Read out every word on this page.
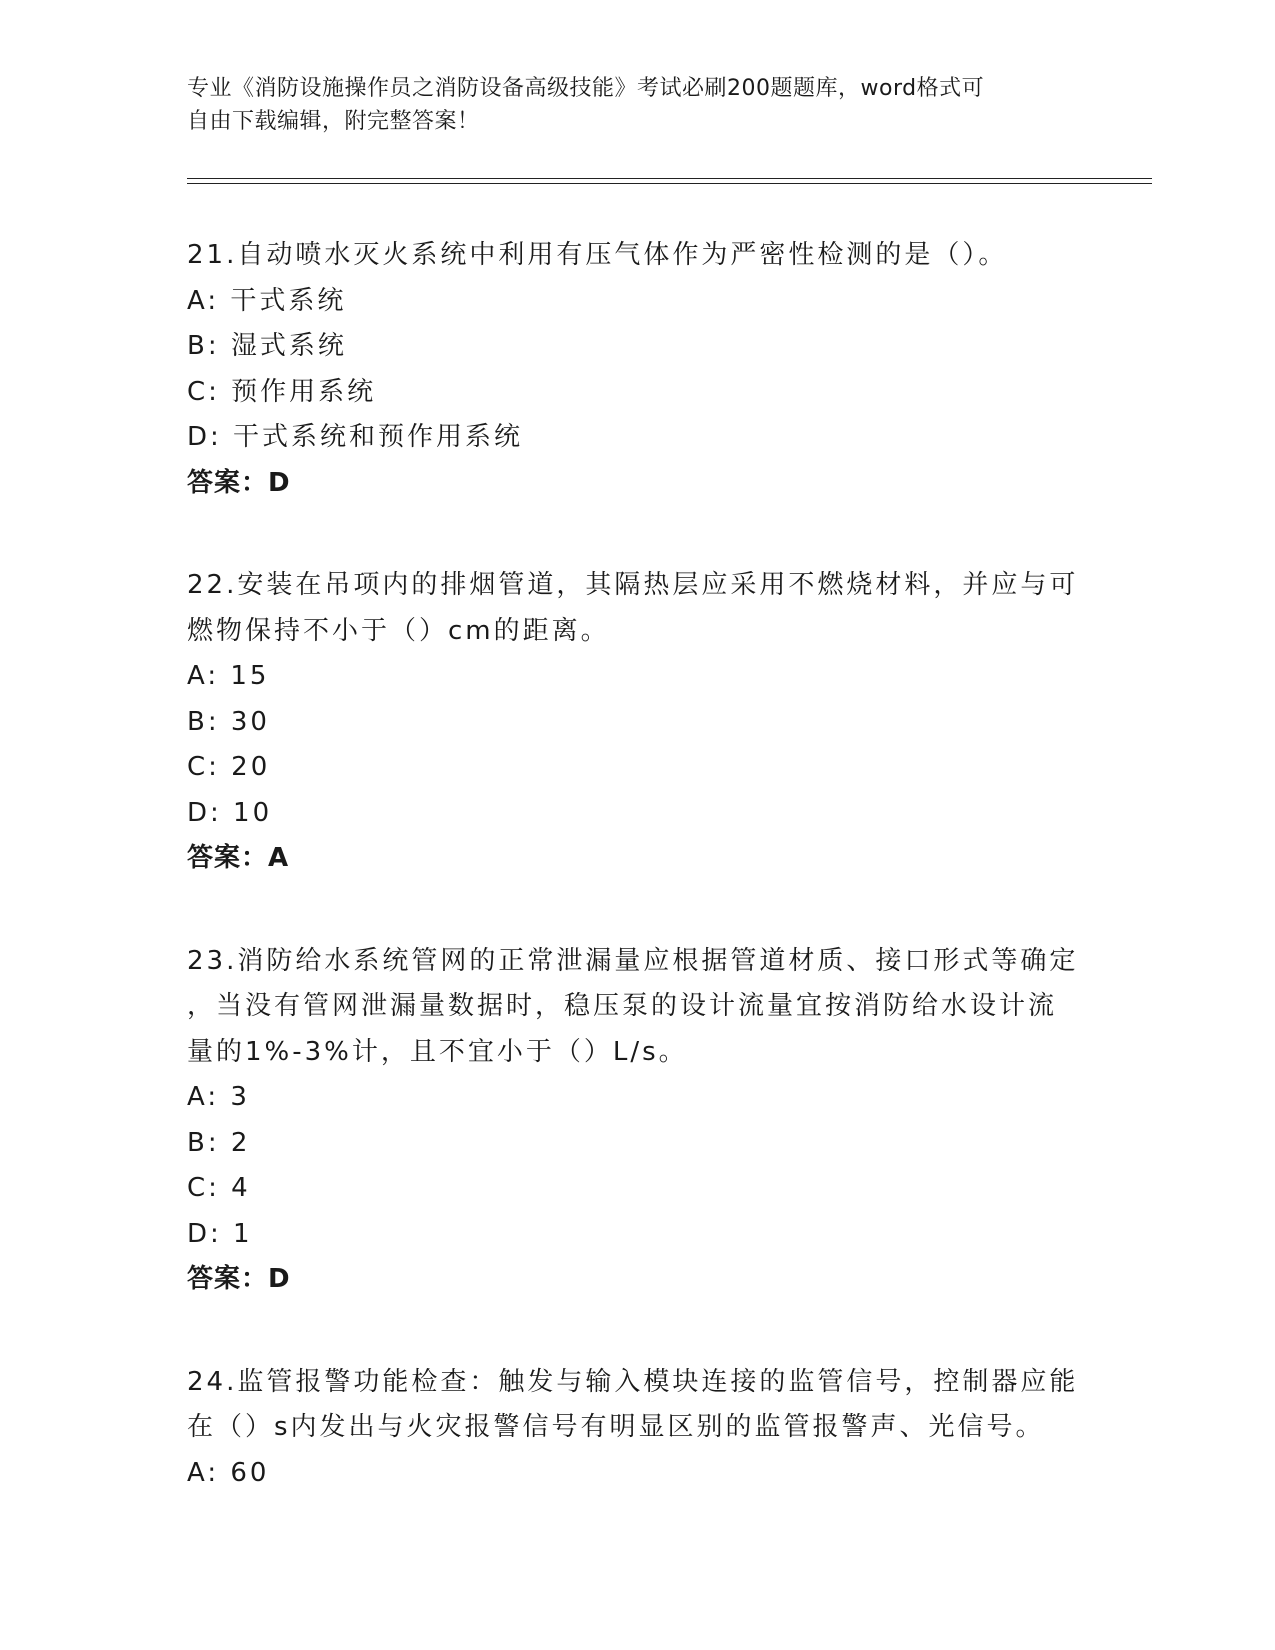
专业《消防设施操作员之消防设备高级技能》考试必刷200题题库，word格式可
自由下载编辑，附完整答案！
21.自动喷水灭火系统中利用有压气体作为严密性检测的是（）。
A: 干式系统
B: 湿式系统
C: 预作用系统
D: 干式系统和预作用系统
答案：D
22.安装在吊项内的排烟管道，其隔热层应采用不燃烧材料，并应与可
燃物保持不小于（）cm的距离。
A: 15
B: 30
C: 20
D: 10
答案：A
23.消防给水系统管网的正常泄漏量应根据管道材质、接口形式等确定
，当没有管网泄漏量数据时，稳压泵的设计流量宜按消防给水设计流
量的1%-3%计，且不宜小于（）L/s。
A: 3
B: 2
C: 4
D: 1
答案：D
24.监管报警功能检查：触发与输入模块连接的监管信号，控制器应能
在（）s内发出与火灾报警信号有明显区别的监管报警声、光信号。
A: 60
